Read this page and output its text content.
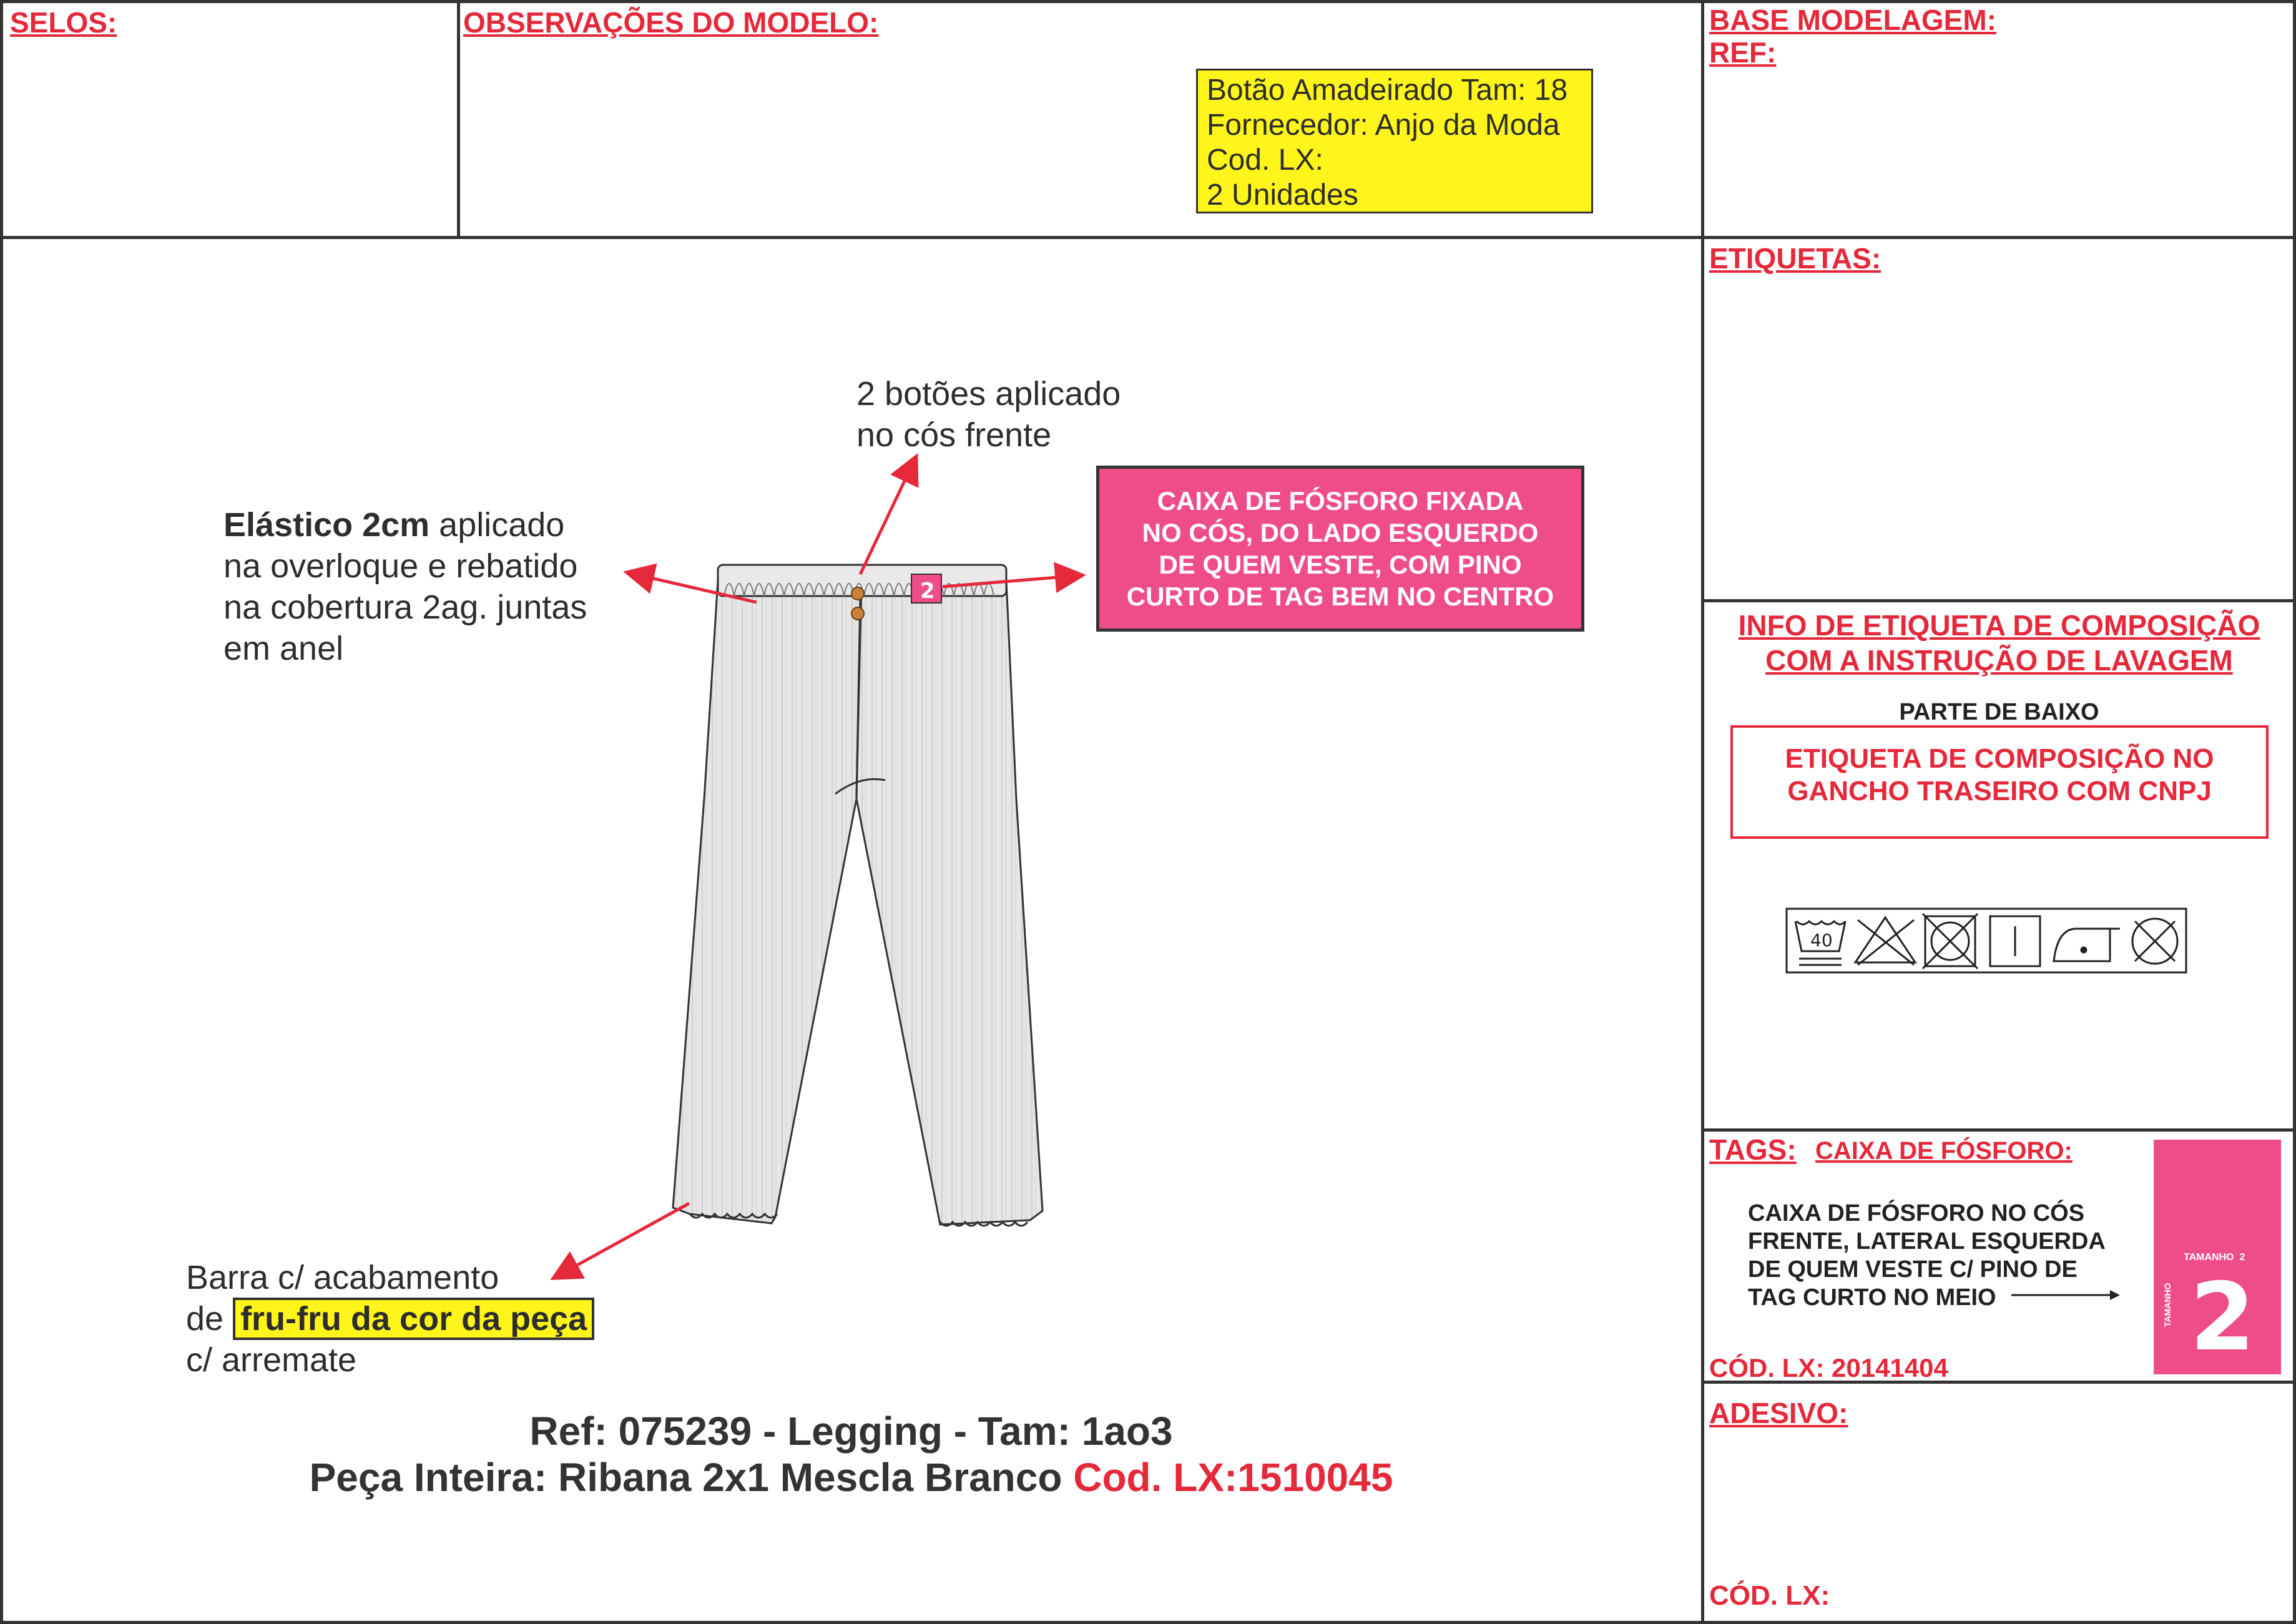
SELOS:	OBSERVAÇÕES DO MODELO:	BASE MODELAGEM:
REF:
ETIQUETAS:
TAGS:
ADESIVO:
Botão Amadeirado Tam: 18
Fornecedor: Anjo da Moda
Cod. LX:
2 Unidades
2 botões aplicado
no cós frente
Elástico 2cm aplicado
na overloque e rebatido
na cobertura 2ag. juntas
em anel
Barra c/ acabamento
de fru-fru da cor da peça
c/ arremate
CAIXA DE FÓSFORO FIXADA
NO CÓS, DO LADO ESQUERDO
DE QUEM VESTE, COM PINO
CURTO DE TAG BEM NO CENTRO
2
Ref: 075239 - Legging - Tam: 1ao3
Peça Inteira: Ribana 2x1 Mescla Branco Cod. LX:1510045
INFO DE ETIQUETA DE COMPOSIÇÃO
COM A INSTRUÇÃO DE LAVAGEM
PARTE DE BAIXO
ETIQUETA DE COMPOSIÇÃO NO
GANCHO TRASEIRO COM CNPJ
40
CAIXA DE FÓSFORO:
CAIXA DE FÓSFORO NO CÓS
FRENTE, LATERAL ESQUERDA
DE QUEM VESTE C/ PINO DE
TAG CURTO NO MEIO
CÓD. LX: 20141404
TAMANHO  2
TAMANHO 2
CÓD. LX:
